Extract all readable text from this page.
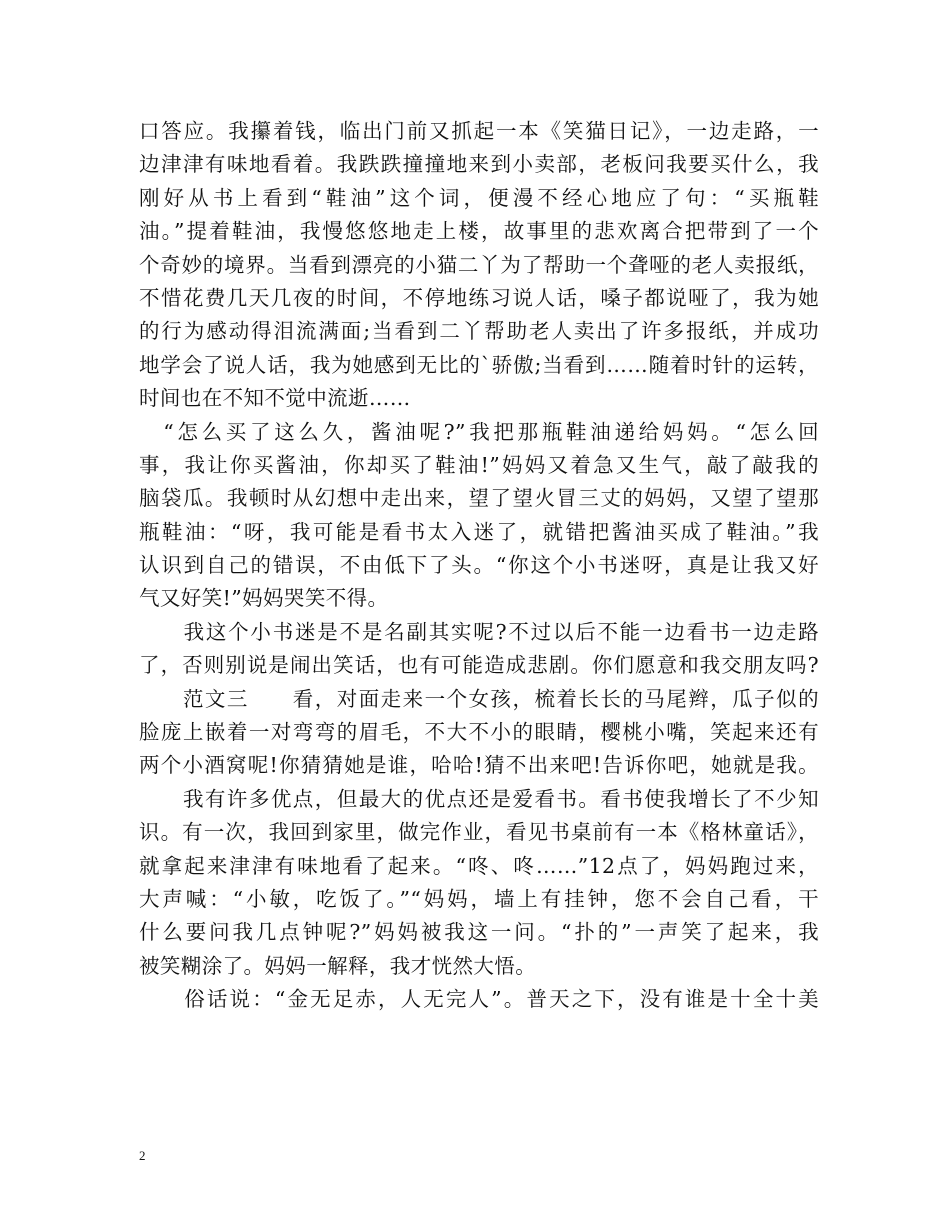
口答应。我攥着钱，临出门前又抓起一本《笑猫日记》，一边走路，一
边津津有味地看着。我跌跌撞撞地来到小卖部，老板问我要买什么，我
刚好从书上看到“鞋油”这个词，便漫不经心地应了句：“买瓶鞋
油。”提着鞋油，我慢悠悠地走上楼，故事里的悲欢离合把带到了一个
个奇妙的境界。当看到漂亮的小猫二丫为了帮助一个聋哑的老人卖报纸，
不惜花费几天几夜的时间，不停地练习说人话，嗓子都说哑了，我为她
的行为感动得泪流满面;当看到二丫帮助老人卖出了许多报纸，并成功
地学会了说人话，我为她感到无比的`骄傲;当看到……随着时针的运转，
时间也在不知不觉中流逝……
　“怎么买了这么久，酱油呢?”我把那瓶鞋油递给妈妈。“怎么回
事，我让你买酱油，你却买了鞋油!”妈妈又着急又生气，敲了敲我的
脑袋瓜。我顿时从幻想中走出来，望了望火冒三丈的妈妈，又望了望那
瓶鞋油：“呀，我可能是看书太入迷了，就错把酱油买成了鞋油。”我
认识到自己的错误，不由低下了头。“你这个小书迷呀，真是让我又好
气又好笑!”妈妈哭笑不得。
　　我这个小书迷是不是名副其实呢?不过以后不能一边看书一边走路
了，否则别说是闹出笑话，也有可能造成悲剧。你们愿意和我交朋友吗?
　　范文三　　看，对面走来一个女孩，梳着长长的马尾辫，瓜子似的
脸庞上嵌着一对弯弯的眉毛，不大不小的眼睛，樱桃小嘴，笑起来还有
两个小酒窝呢!你猜猜她是谁，哈哈!猜不出来吧!告诉你吧，她就是我。
　　我有许多优点，但最大的优点还是爱看书。看书使我增长了不少知
识。有一次，我回到家里，做完作业，看见书桌前有一本《格林童话》，
就拿起来津津有味地看了起来。“咚、咚……”12点了，妈妈跑过来，
大声喊：“小敏，吃饭了。”“妈妈，墙上有挂钟，您不会自己看，干
什么要问我几点钟呢?”妈妈被我这一问。“扑的”一声笑了起来，我
被笑糊涂了。妈妈一解释，我才恍然大悟。
　　俗话说：“金无足赤，人无完人”。普天之下，没有谁是十全十美
2
